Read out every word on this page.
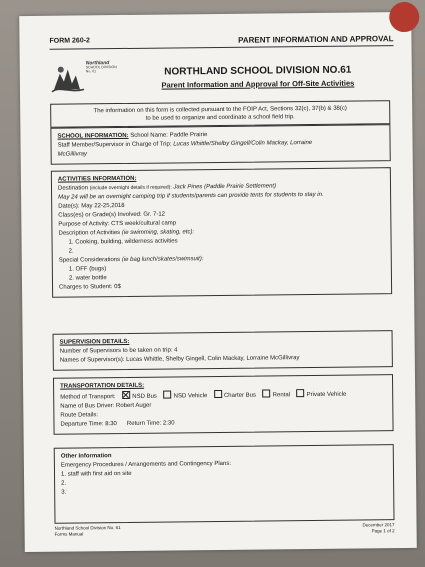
FORM 260-2	PARENT INFORMATION AND APPROVAL
Northland
SCHOOL DIVISION
No. 61	NORTHLAND SCHOOL DIVISION NO.61
Parent Information and Approval for Off-Site Activities
The information on this form is collected pursuant to the FOIP Act, Sections 32(c), 37(b) & 38(c)
to be used to organize and coordinate a school field trip.
SCHOOL INFORMATION: School Name: Paddle Prairie
Staff Member/Supervisor in Charge of Trip: Lucas Whittle/Shelby Gingell/Colin Mackay, Lorraine
McGillivray
ACTIVITIES INFORMATION:
Destination (include overnight details if required): Jack Pines (Paddle Prairie Settlement)
May 24 will be an overnight camping trip if students/parents can provide tents for students to stay in.
Date(s): May 22-25,2018
Class(es) or Grade(s) Involved: Gr. 7-12
Purpose of Activity: CTS week/cultural camp
Description of Activities (ie swimming, skating, etc):
1. Cooking, building, wilderness activities
2.
Special Considerations (ie bag lunch/skates/swimsuit):
1. OFF (bugs)
2. water bottle
Charges to Student: 0$
SUPERVISION DETAILS:
Number of Supervisors to be taken on trip: 4
Names of Supervisor(s): Lucas Whittle, Shelby Gingell, Colin Mackay, Lorraine McGillivray
TRANSPORTATION DETAILS:
Method of Transport:	NSD Bus	NSD Vehicle	Charter Bus	Rental	Private Vehicle
Name of Bus Driver: Robert Auger
Route Details:
Departure Time: 8:30 Return Time: 2:30
Other Information
Emergency Procedures / Arrangements and Contingency Plans:
1. staff with first aid on site
2.
3.
Northland School Division No. 61
Forms Manual
December 2017
Page 1 of 2
